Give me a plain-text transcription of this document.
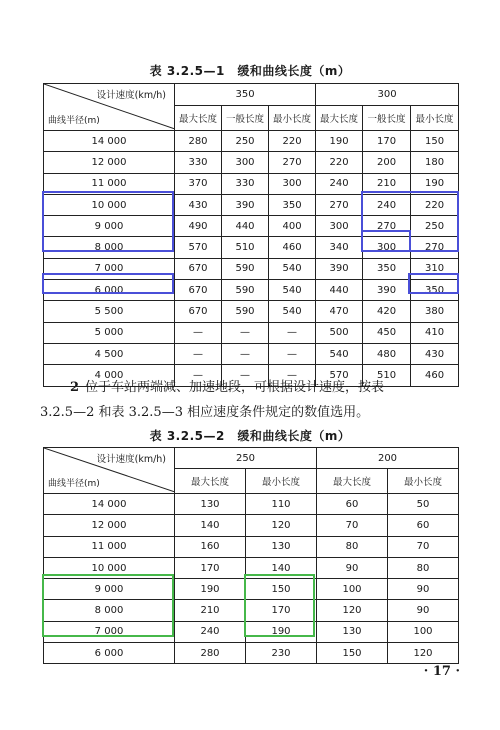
表 3.2.5—1　缓和曲线长度（m）
设计速度(km/h)
曲线半径(m)	350			300		
	最大长度	一般长度	最小长度	最大长度	一般长度	最小长度
14 000	280	250	220	190	170	150
12 000	330	300	270	220	200	180
11 000	370	330	300	240	210	190
10 000	430	390	350	270	240	220
9 000	490	440	400	300	270	250
8 000	570	510	460	340	300	270
7 000	670	590	540	390	350	310
6 000	670	590	540	440	390	350
5 500	670	590	540	470	420	380
5 000	—	—	—	500	450	410
4 500	—	—	—	540	480	430
4 000	—	—	—	570	510	460
2 位于车站两端减、加速地段，可根据设计速度，按表
3.2.5—2 和表 3.2.5—3 相应速度条件规定的数值选用。
表 3.2.5—2　缓和曲线长度（m）
设计速度(km/h)
曲线半径(m)	250		200	
	最大长度	最小长度	最大长度	最小长度
14 000	130	110	60	50
12 000	140	120	70	60
11 000	160	130	80	70
10 000	170	140	90	80
9 000	190	150	100	90
8 000	210	170	120	90
7 000	240	190	130	100
6 000	280	230	150	120
· 17 ·
